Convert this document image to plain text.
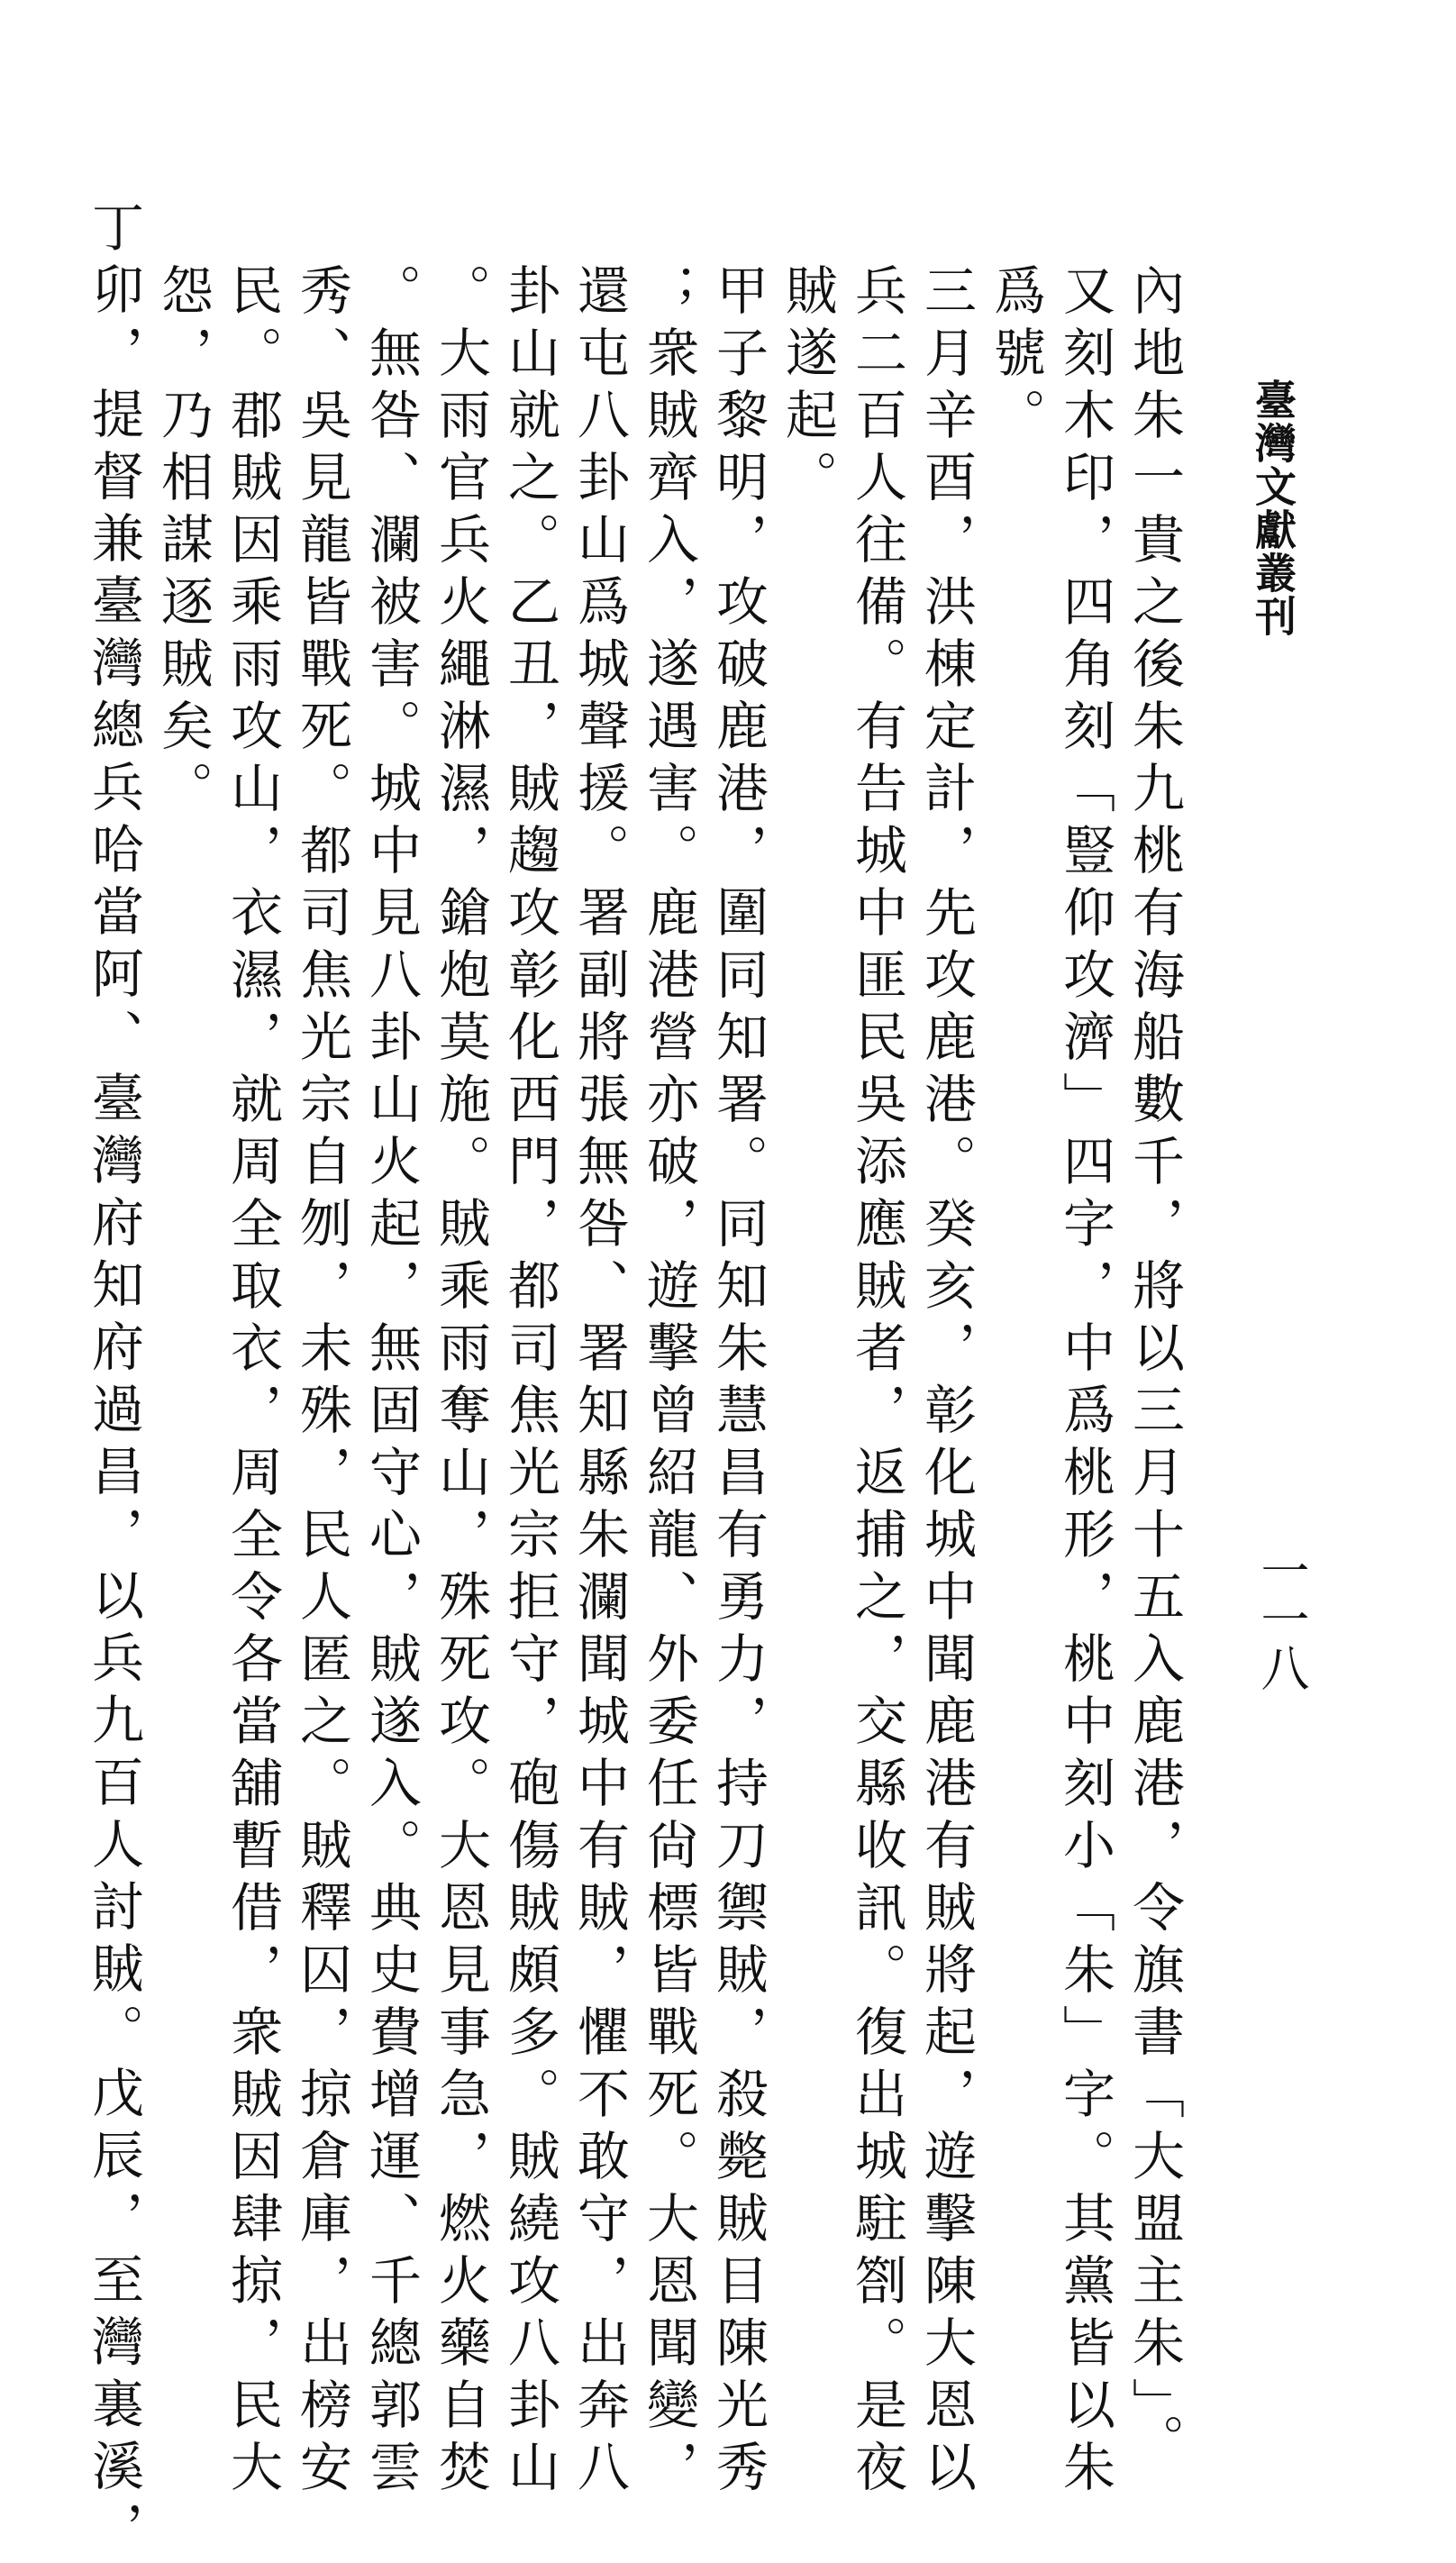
臺灣文獻叢刊
一一八
內地朱一貴之後朱九桃有海船數千，將以三月十五入鹿港，令旗書「大盟主朱」。
又刻木印，四角刻「豎仰攻濟」四字，中爲桃形，桃中刻小「朱」字。其黨皆以朱
爲號。
三月辛酉，洪棟定計，先攻鹿港。癸亥，彰化城中聞鹿港有賊將起，遊擊陳大恩以
兵二百人往備。有告城中匪民吳添應賊者，返捕之，交縣收訊。復出城駐劄。是夜
賊遂起。
甲子黎明，攻破鹿港，圍同知署。同知朱慧昌有勇力，持刀禦賊，殺斃賊目陳光秀
；衆賊齊入，遂遇害。鹿港營亦破，遊擊曾紹龍、外委任尙標皆戰死。大恩聞變，
還屯八卦山爲城聲援。署副將張無咎、署知縣朱瀾聞城中有賊，懼不敢守，出奔八
卦山就之。乙丑，賊趨攻彰化西門，都司焦光宗拒守，砲傷賊頗多。賊繞攻八卦山
。大雨官兵火繩淋濕，鎗炮莫施。賊乘雨奪山，殊死攻。大恩見事急，燃火藥自焚
。無咎、瀾被害。城中見八卦山火起，無固守心，賊遂入。典史費增運、千總郭雲
秀、吳見龍皆戰死。都司焦光宗自刎，未殊，民人匿之。賊釋囚，掠倉庫，出榜安
民。郡賊因乘雨攻山，衣濕，就周全取衣，周全令各當舖暫借，衆賊因肆掠，民大
怨，乃相謀逐賊矣。
丁卯，提督兼臺灣總兵哈當阿、臺灣府知府過昌，以兵九百人討賊。戊辰，至灣裏溪，
